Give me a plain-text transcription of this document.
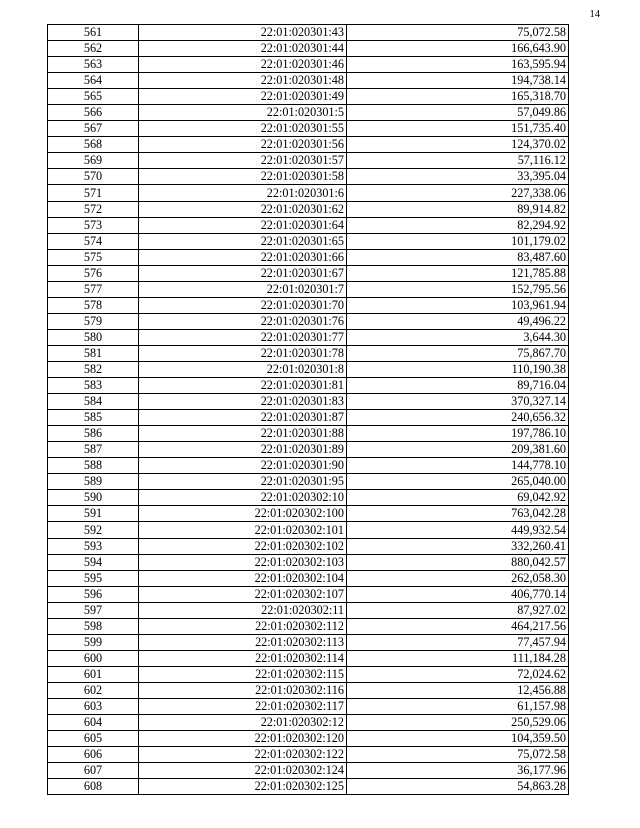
14
561	22:01:020301:43	75,072.58
562	22:01:020301:44	166,643.90
563	22:01:020301:46	163,595.94
564	22:01:020301:48	194,738.14
565	22:01:020301:49	165,318.70
566	22:01:020301:5	57,049.86
567	22:01:020301:55	151,735.40
568	22:01:020301:56	124,370.02
569	22:01:020301:57	57,116.12
570	22:01:020301:58	33,395.04
571	22:01:020301:6	227,338.06
572	22:01:020301:62	89,914.82
573	22:01:020301:64	82,294.92
574	22:01:020301:65	101,179.02
575	22:01:020301:66	83,487.60
576	22:01:020301:67	121,785.88
577	22:01:020301:7	152,795.56
578	22:01:020301:70	103,961.94
579	22:01:020301:76	49,496.22
580	22:01:020301:77	3,644.30
581	22:01:020301:78	75,867.70
582	22:01:020301:8	110,190.38
583	22:01:020301:81	89,716.04
584	22:01:020301:83	370,327.14
585	22:01:020301:87	240,656.32
586	22:01:020301:88	197,786.10
587	22:01:020301:89	209,381.60
588	22:01:020301:90	144,778.10
589	22:01:020301:95	265,040.00
590	22:01:020302:10	69,042.92
591	22:01:020302:100	763,042.28
592	22:01:020302:101	449,932.54
593	22:01:020302:102	332,260.41
594	22:01:020302:103	880,042.57
595	22:01:020302:104	262,058.30
596	22:01:020302:107	406,770.14
597	22:01:020302:11	87,927.02
598	22:01:020302:112	464,217.56
599	22:01:020302:113	77,457.94
600	22:01:020302:114	111,184.28
601	22:01:020302:115	72,024.62
602	22:01:020302:116	12,456.88
603	22:01:020302:117	61,157.98
604	22:01:020302:12	250,529.06
605	22:01:020302:120	104,359.50
606	22:01:020302:122	75,072.58
607	22:01:020302:124	36,177.96
608	22:01:020302:125	54,863.28
